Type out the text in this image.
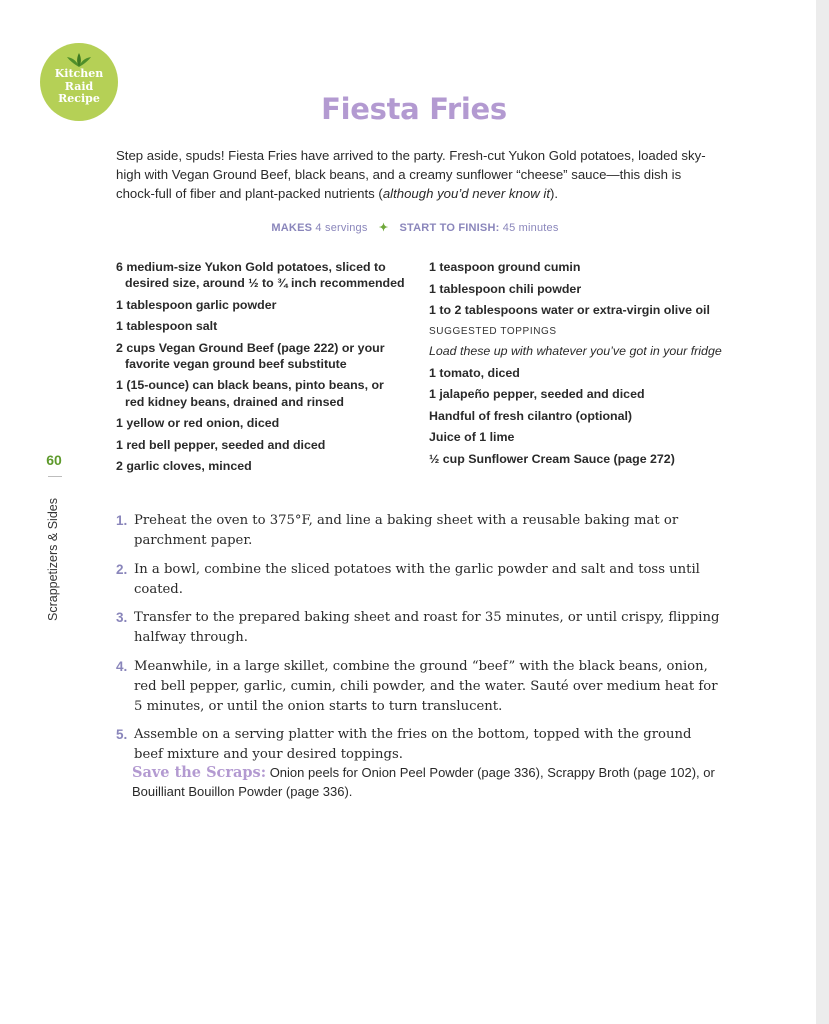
Kitchen
Raid
Recipe
60
Scrappetizers & Sides
Fiesta Fries

Step aside, spuds! Fiesta Fries have arrived to the party. Fresh-cut Yukon Gold potatoes, loaded sky-high with Vegan Ground Beef, black beans, and a creamy sunflower “cheese” sauce—this dish is chock-full of fiber and plant-packed nutrients (although you’d never know it).

MAKES 4 servings ✦ START TO FINISH: 45 minutes
6 medium-size Yukon Gold potatoes, sliced to desired size, around ½ to ¾ inch recommended
1 tablespoon garlic powder
1 tablespoon salt
2 cups Vegan Ground Beef (page 222) or your favorite vegan ground beef substitute
1 (15-ounce) can black beans, pinto beans, or red kidney beans, drained and rinsed
1 yellow or red onion, diced
1 red bell pepper, seeded and diced
2 garlic cloves, minced
1 teaspoon ground cumin
1 tablespoon chili powder
1 to 2 tablespoons water or extra-virgin olive oil
SUGGESTED TOPPINGS
Load these up with whatever you’ve got in your fridge
1 tomato, diced
1 jalapeño pepper, seeded and diced
Handful of fresh cilantro (optional)
Juice of 1 lime
½ cup Sunflower Cream Sauce (page 272)
1. Preheat the oven to 375°F, and line a baking sheet with a reusable baking mat or parchment paper.
2. In a bowl, combine the sliced potatoes with the garlic powder and salt and toss until coated.
3. Transfer to the prepared baking sheet and roast for 35 minutes, or until crispy, flipping halfway through.
4. Meanwhile, in a large skillet, combine the ground “beef” with the black beans, onion, red bell pepper, garlic, cumin, chili powder, and the water. Sauté over medium heat for 5 minutes, or until the onion starts to turn translucent.
5. Assemble on a serving platter with the fries on the bottom, topped with the ground beef mixture and your desired toppings.
Save the Scraps: Onion peels for Onion Peel Powder (page 336), Scrappy Broth (page 102), or Bouilliant Bouillon Powder (page 336).
